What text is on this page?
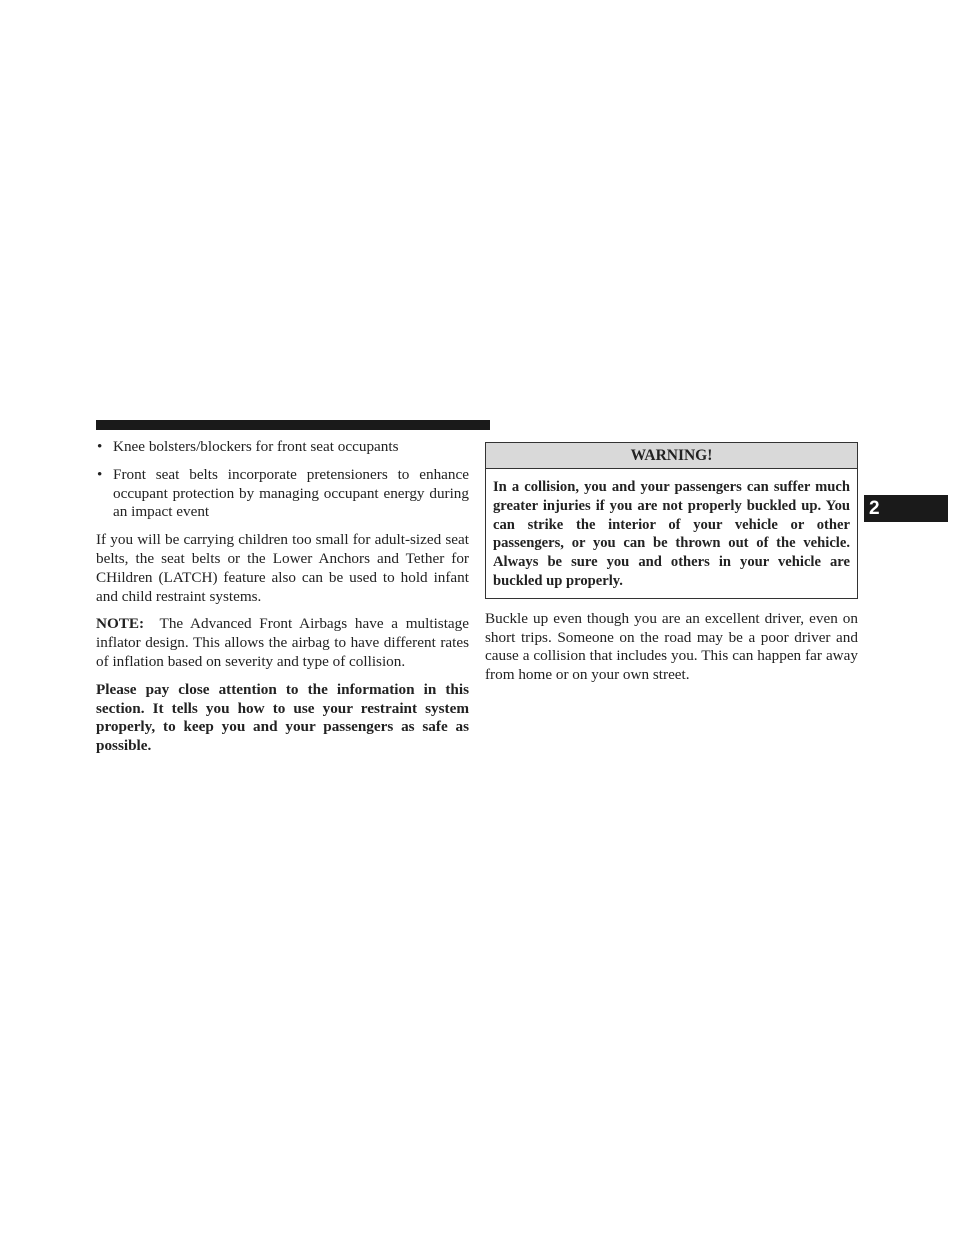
• Knee bolsters/blockers for front seat occupants
• Front seat belts incorporate pretensioners to enhance occupant protection by managing occupant energy during an impact event

If you will be carrying children too small for adult-sized seat belts, the seat belts or the Lower Anchors and Tether for CHildren (LATCH) feature also can be used to hold infant and child restraint systems.

NOTE: The Advanced Front Airbags have a multistage inflator design. This allows the airbag to have different rates of inflation based on severity and type of collision.

Please pay close attention to the information in this section. It tells you how to use your restraint system properly, to keep you and your passengers as safe as possible.

WARNING!
In a collision, you and your passengers can suffer much greater injuries if you are not properly buckled up. You can strike the interior of your vehicle or other passengers, or you can be thrown out of the vehicle. Always be sure you and others in your vehicle are buckled up properly.

Buckle up even though you are an excellent driver, even on short trips. Someone on the road may be a poor driver and cause a collision that includes you. This can happen far away from home or on your own street.

2
